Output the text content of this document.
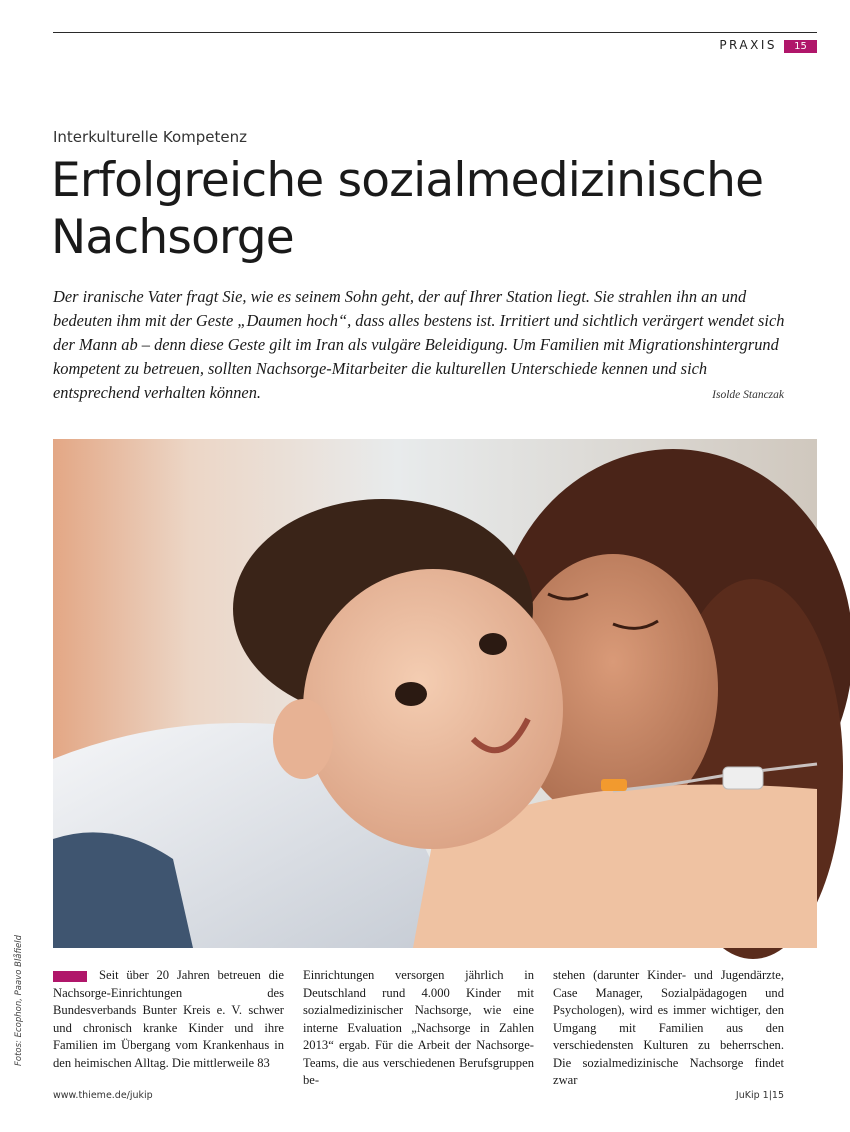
PRAXIS	15
Interkulturelle Kompetenz
Erfolgreiche sozialmedizinische
Nachsorge

Der iranische Vater fragt Sie, wie es seinem Sohn geht, der auf Ihrer Station liegt. Sie strahlen ihn an und bedeuten ihm mit der Geste „Daumen hoch“, dass alles bestens ist. Irritiert und sichtlich verärgert wendet sich der Mann ab – denn diese Geste gilt im Iran als vulgäre Beleidigung. Um Familien mit Migrationshintergrund kompetent zu betreuen, sollten Nachsorge-Mitarbeiter die kulturellen Unterschiede kennen und sich entsprechend verhalten können.	Isolde Stanczak
Fotos: Ecophon, Paavo Blåfield	Seit über 20 Jahren betreuen die Nachsorge-Einrichtungen des Bundesverbands Bunter Kreis e. V. schwer und chronisch kranke Kinder und ihre Familien im Übergang vom Krankenhaus in den heimischen Alltag. Die mittlerweile 83

Einrichtungen versorgen jährlich in Deutschland rund 4.000 Kinder mit sozialmedizinischer Nachsorge, wie eine interne Evaluation „Nachsorge in Zahlen 2013“ ergab. Für die Arbeit der Nachsorge-Teams, die aus verschiedenen Berufsgruppen be-

stehen (darunter Kinder- und Jugendärzte, Case Manager, Sozialpädagogen und Psychologen), wird es immer wichtiger, den Umgang mit Familien aus den verschiedensten Kulturen zu beherrschen. Die sozialmedizinische Nachsorge findet zwar

www.thieme.de/jukip	JuKip 1|15
